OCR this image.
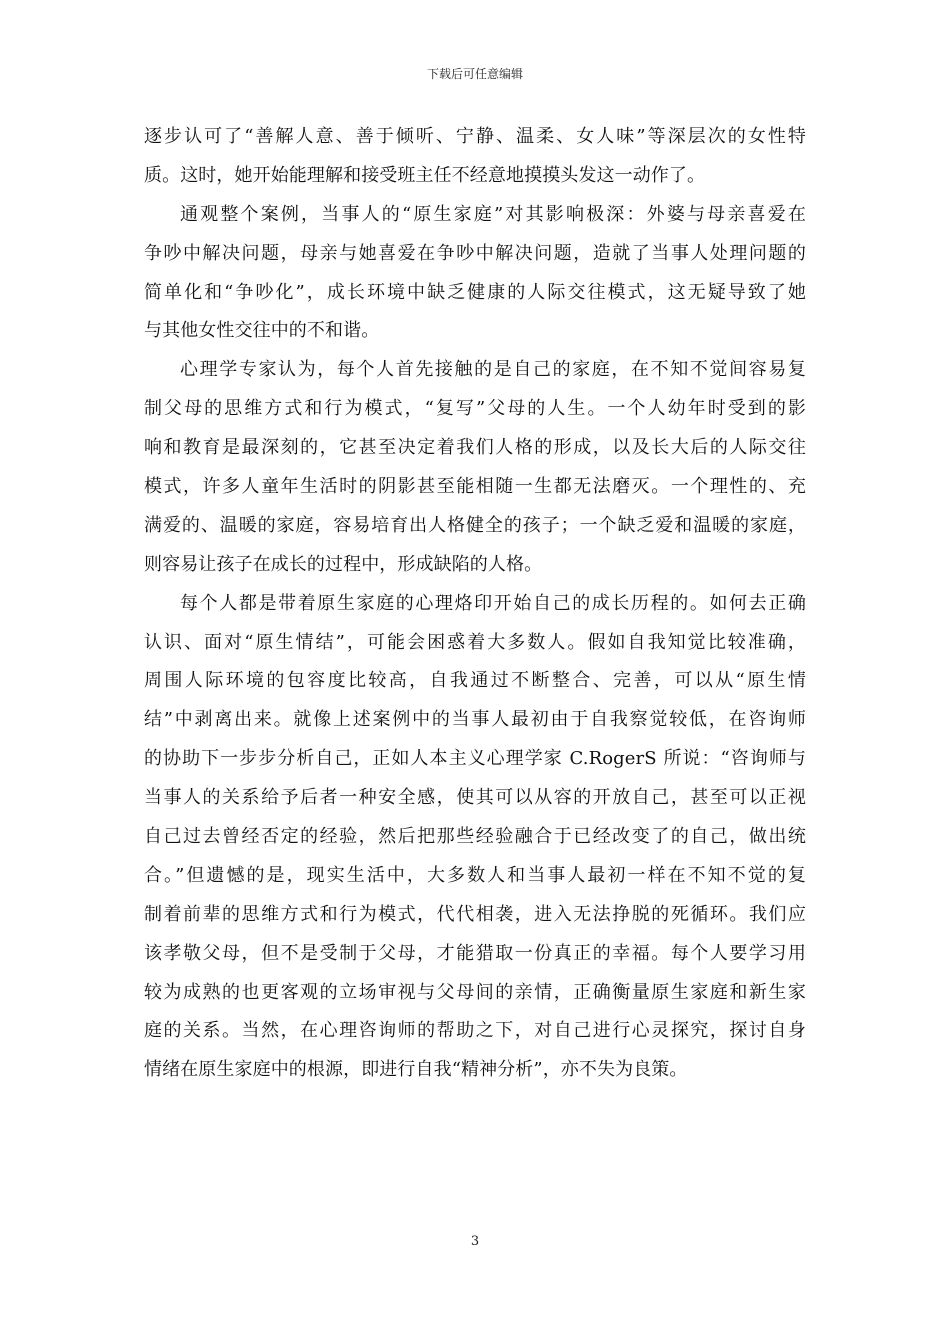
下载后可任意编辑
逐步认可了“善解人意、善于倾听、宁静、温柔、女人味”等深层次的女性特
质。这时，她开始能理解和接受班主任不经意地摸摸头发这一动作了。
通观整个案例，当事人的“原生家庭”对其影响极深：外婆与母亲喜爱在
争吵中解决问题，母亲与她喜爱在争吵中解决问题，造就了当事人处理问题的
简单化和“争吵化”，成长环境中缺乏健康的人际交往模式，这无疑导致了她
与其他女性交往中的不和谐。
心理学专家认为，每个人首先接触的是自己的家庭，在不知不觉间容易复
制父母的思维方式和行为模式，“复写”父母的人生。一个人幼年时受到的影
响和教育是最深刻的，它甚至决定着我们人格的形成，以及长大后的人际交往
模式，许多人童年生活时的阴影甚至能相随一生都无法磨灭。一个理性的、充
满爱的、温暖的家庭，容易培育出人格健全的孩子；一个缺乏爱和温暖的家庭，
则容易让孩子在成长的过程中，形成缺陷的人格。
每个人都是带着原生家庭的心理烙印开始自己的成长历程的。如何去正确
认识、面对“原生情结”，可能会困惑着大多数人。假如自我知觉比较准确，
周围人际环境的包容度比较高，自我通过不断整合、完善，可以从“原生情
结”中剥离出来。就像上述案例中的当事人最初由于自我察觉较低，在咨询师
的协助下一步步分析自己，正如人本主义心理学家 C.RogerS 所说：“咨询师与
当事人的关系给予后者一种安全感，使其可以从容的开放自己，甚至可以正视
自己过去曾经否定的经验，然后把那些经验融合于已经改变了的自己，做出统
合。”但遗憾的是，现实生活中，大多数人和当事人最初一样在不知不觉的复
制着前辈的思维方式和行为模式，代代相袭，进入无法挣脱的死循环。我们应
该孝敬父母，但不是受制于父母，才能猎取一份真正的幸福。每个人要学习用
较为成熟的也更客观的立场审视与父母间的亲情，正确衡量原生家庭和新生家
庭的关系。当然，在心理咨询师的帮助之下，对自己进行心灵探究，探讨自身
情绪在原生家庭中的根源，即进行自我“精神分析”，亦不失为良策。
3
